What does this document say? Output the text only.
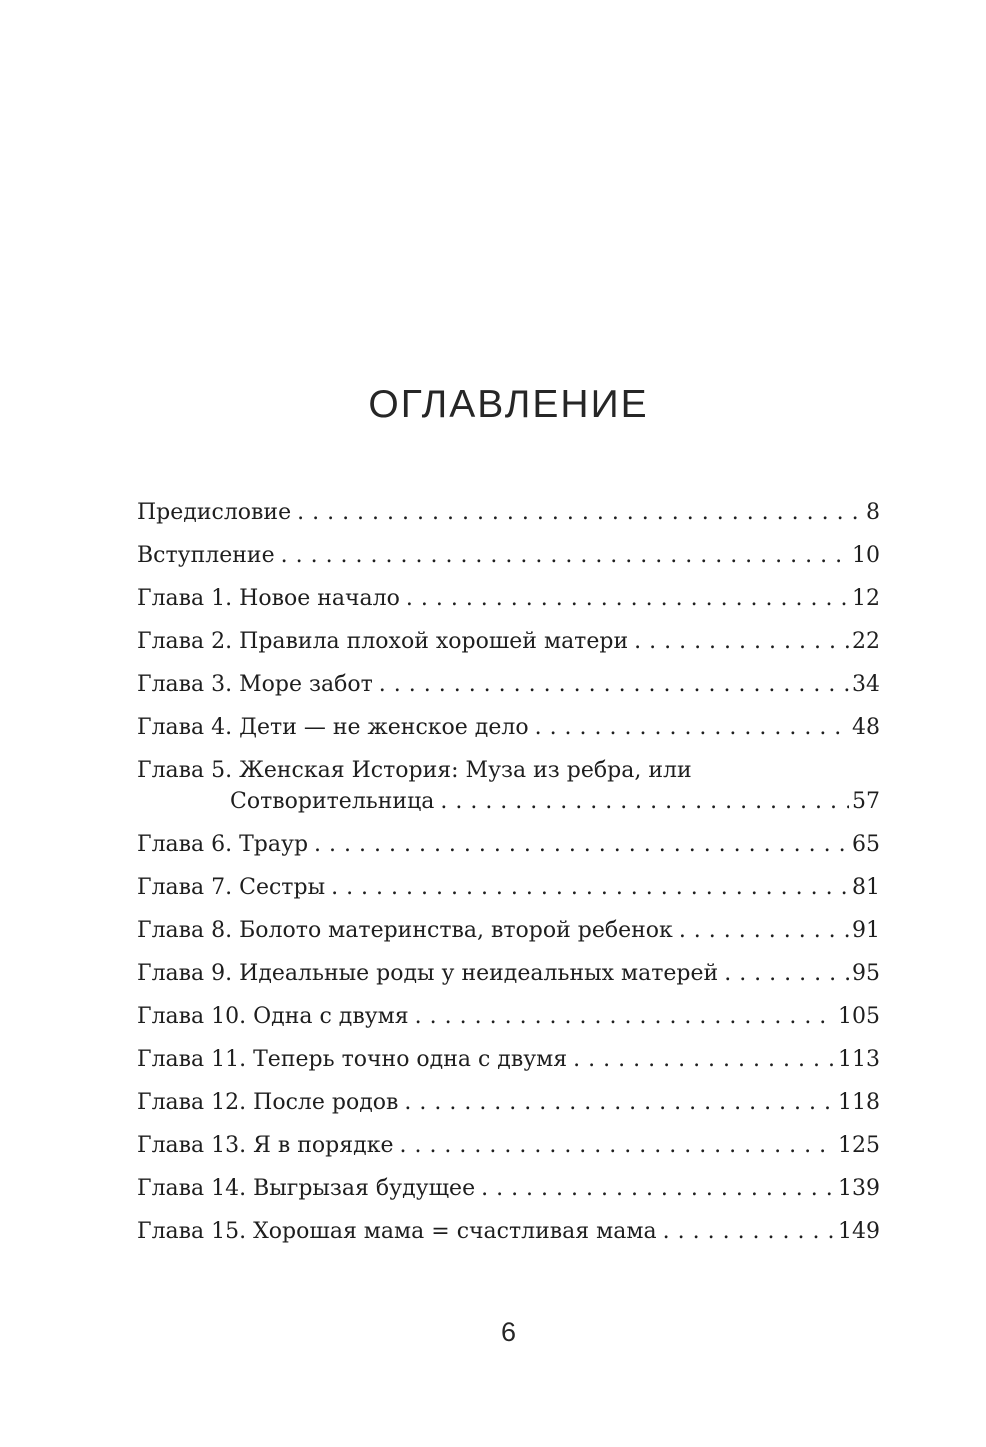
ОГЛАВЛЕНИЕ
Предисловие . . .	8
Вступление . . .	10
Глава 1. Новое начало . . .	12
Глава 2. Правила плохой хорошей матери . . .	22
Глава 3. Море забот . . .	34
Глава 4. Дети — не женское дело . . .	48
Глава 5. Женская История: Муза из ребра, или
Сотворительница . . .	57
Глава 6. Траур . . .	65
Глава 7. Сестры . . .	81
Глава 8. Болото материнства, второй ребенок . . .	91
Глава 9. Идеальные роды у неидеальных матерей . . .	95
Глава 10. Одна с двумя . . .	105
Глава 11. Теперь точно одна с двумя . . .	113
Глава 12. После родов . . .	118
Глава 13. Я в порядке . . .	125
Глава 14. Выгрызая будущее . . .	139
Глава 15. Хорошая мама = счастливая мама . . .	149
6
